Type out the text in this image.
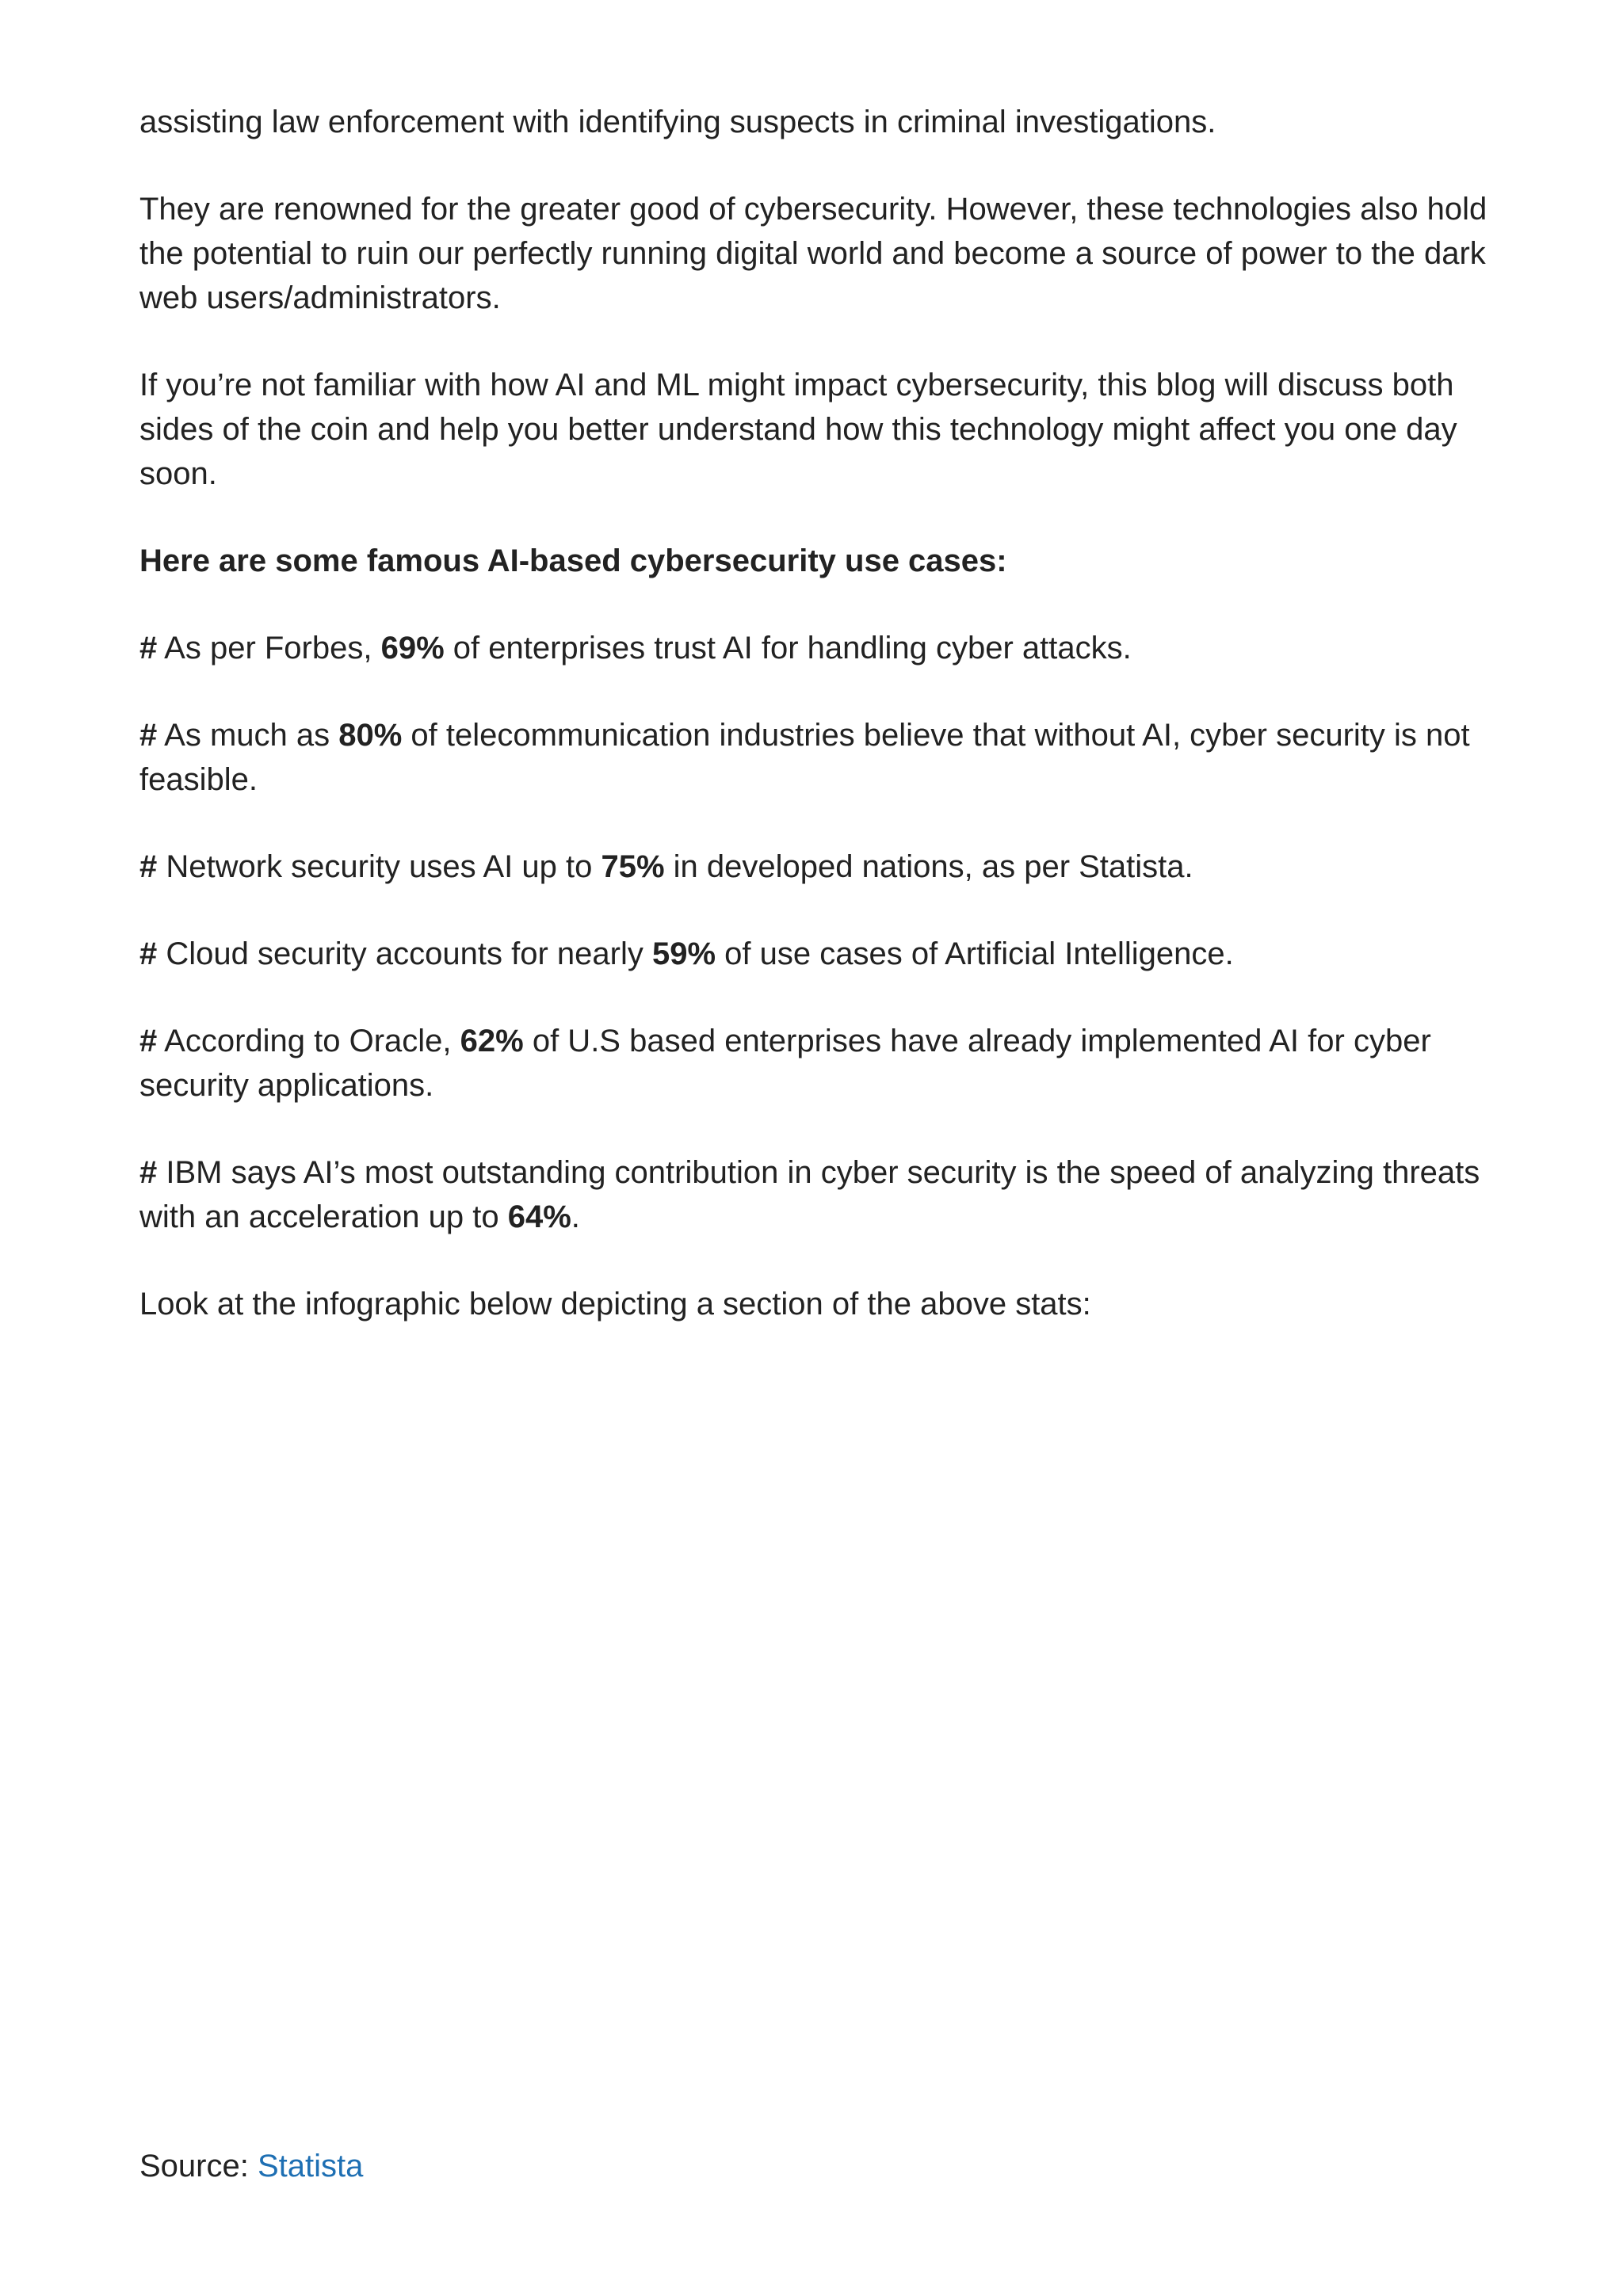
assisting law enforcement with identifying suspects in criminal investigations.

They are renowned for the greater good of cybersecurity. However, these technologies also hold the potential to ruin our perfectly running digital world and become a source of power to the dark web users/administrators.

If you’re not familiar with how AI and ML might impact cybersecurity, this blog will discuss both sides of the coin and help you better understand how this technology might affect you one day soon.

Here are some famous AI-based cybersecurity use cases:

# As per Forbes, 69% of enterprises trust AI for handling cyber attacks.

# As much as 80% of telecommunication industries believe that without AI, cyber security is not feasible.

# Network security uses AI up to 75% in developed nations, as per Statista.

# Cloud security accounts for nearly 59% of use cases of Artificial Intelligence.

# According to Oracle, 62% of U.S based enterprises have already implemented AI for cyber security applications.

# IBM says AI’s most outstanding contribution in cyber security is the speed of analyzing threats with an acceleration up to 64%.

Look at the infographic below depicting a section of the above stats:

Source: Statista
